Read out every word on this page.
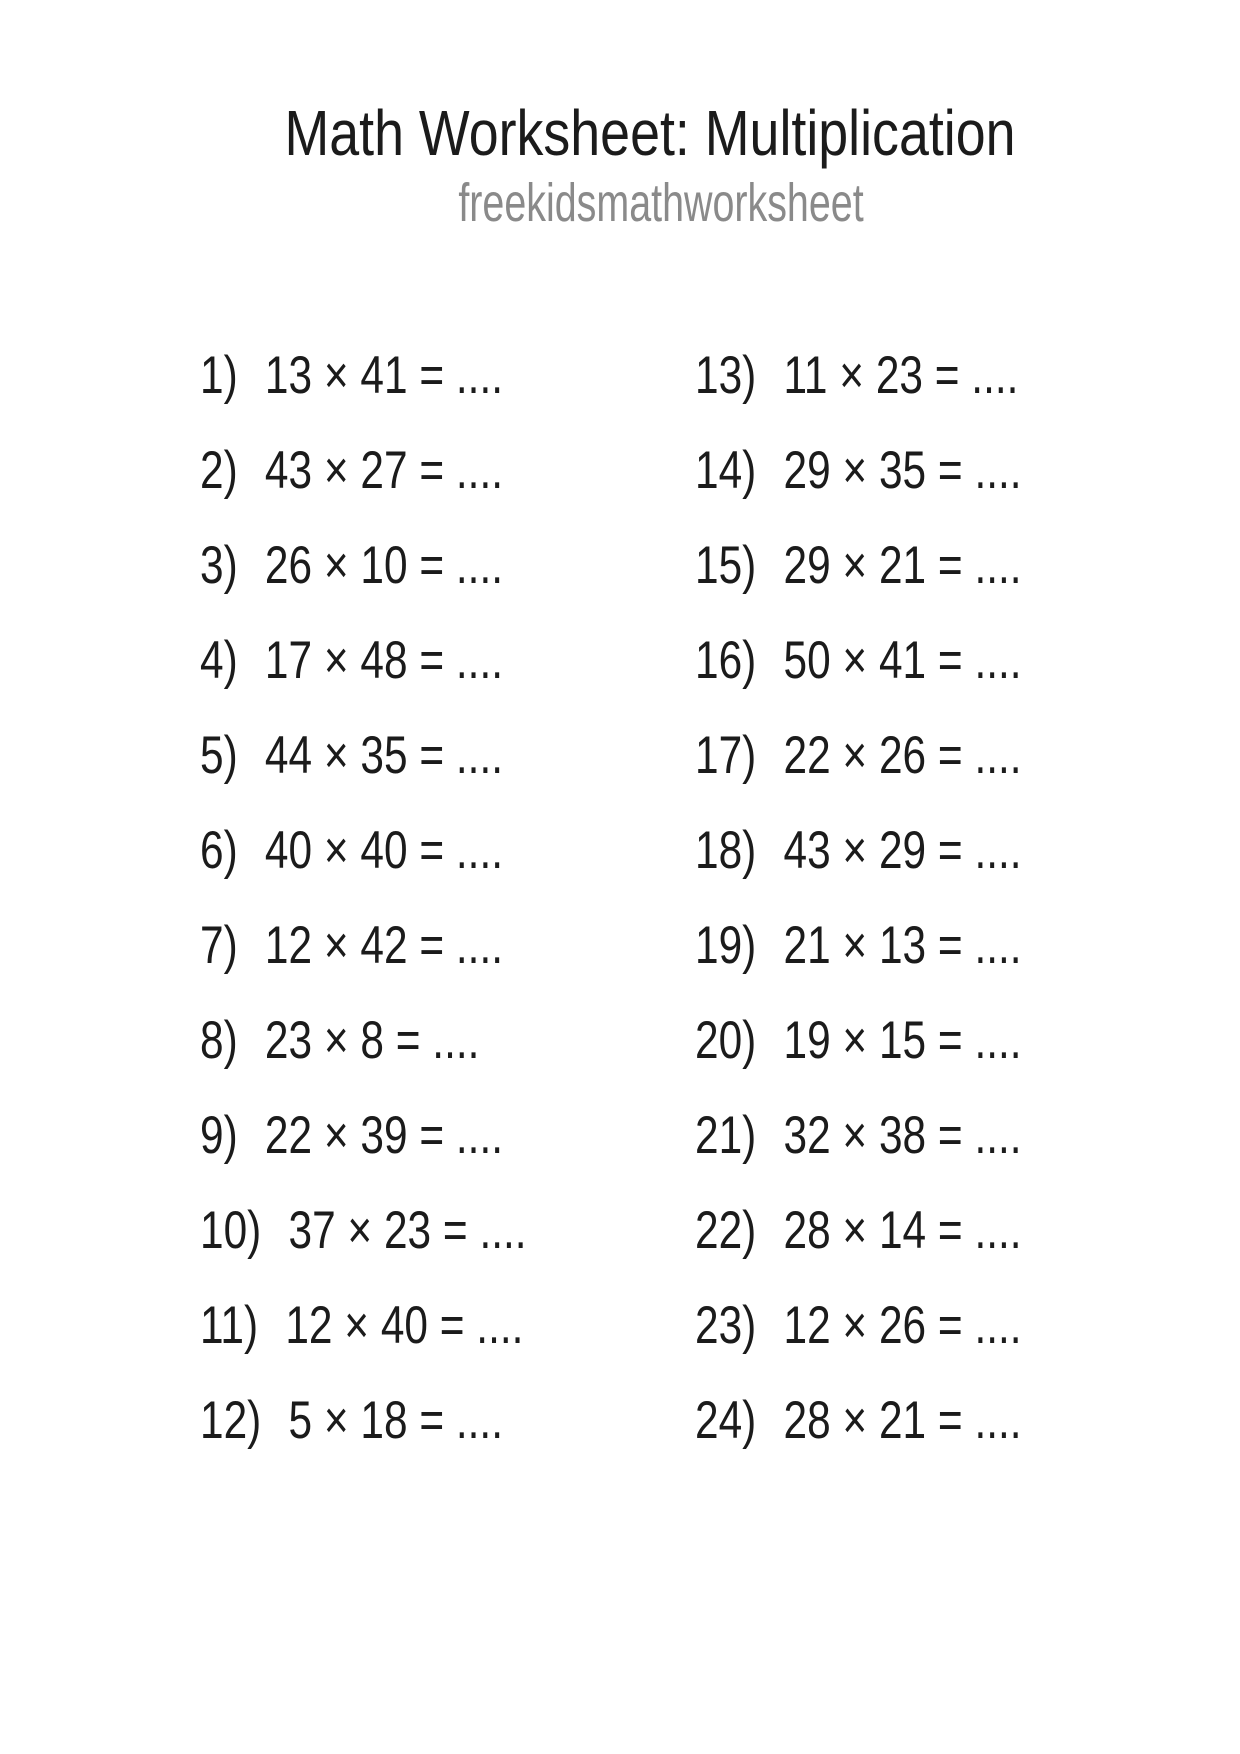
Math Worksheet: Multiplication
freekidsmathworksheet
1) 13 × 41 = ....
2) 43 × 27 = ....
3) 26 × 10 = ....
4) 17 × 48 = ....
5) 44 × 35 = ....
6) 40 × 40 = ....
7) 12 × 42 = ....
8) 23 × 8 = ....
9) 22 × 39 = ....
10) 37 × 23 = ....
11) 12 × 40 = ....
12) 5 × 18 = ....
13) 11 × 23 = ....
14) 29 × 35 = ....
15) 29 × 21 = ....
16) 50 × 41 = ....
17) 22 × 26 = ....
18) 43 × 29 = ....
19) 21 × 13 = ....
20) 19 × 15 = ....
21) 32 × 38 = ....
22) 28 × 14 = ....
23) 12 × 26 = ....
24) 28 × 21 = ....
